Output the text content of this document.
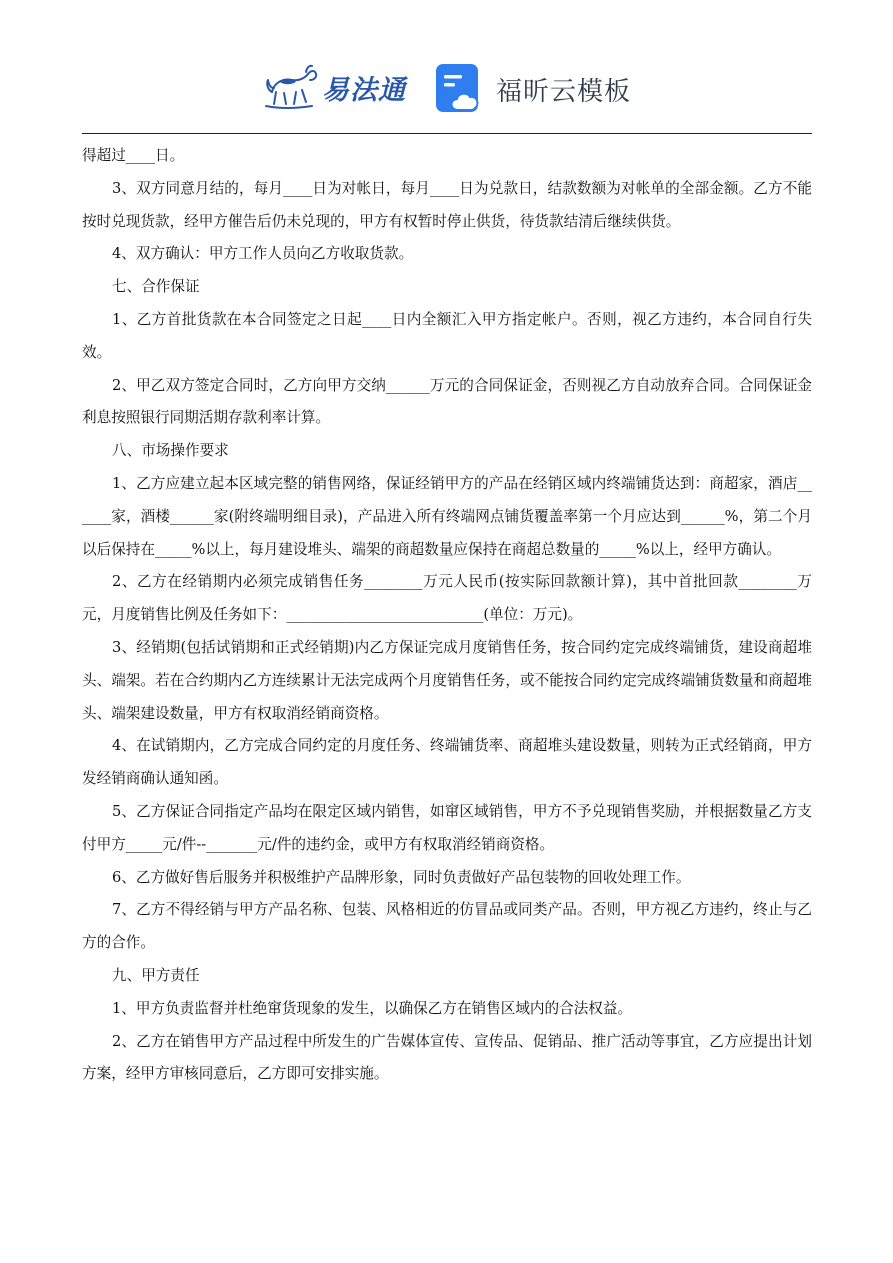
易法通	福昕云模板

得超过____日。

3、双方同意月结的，每月____日为对帐日，每月____日为兑款日，结款数额为对帐单的全部金额。乙方不能按时兑现货款，经甲方催告后仍未兑现的，甲方有权暂时停止供货，待货款结清后继续供货。

4、双方确认：甲方工作人员向乙方收取货款。

七、合作保证

1、乙方首批货款在本合同签定之日起____日内全额汇入甲方指定帐户。否则，视乙方违约，本合同自行失效。

2、甲乙双方签定合同时，乙方向甲方交纳______万元的合同保证金，否则视乙方自动放弃合同。合同保证金利息按照银行同期活期存款利率计算。

八、市场操作要求

1、乙方应建立起本区域完整的销售网络，保证经销甲方的产品在经销区域内终端铺货达到：商超家，酒店______家，酒楼______家(附终端明细目录)，产品进入所有终端网点铺货覆盖率第一个月应达到______%，第二个月以后保持在_____%以上，每月建设堆头、端架的商超数量应保持在商超总数量的_____%以上，经甲方确认。

2、乙方在经销期内必须完成销售任务________万元人民币(按实际回款额计算)，其中首批回款________万元，月度销售比例及任务如下：___________________________(单位：万元)。

3、经销期(包括试销期和正式经销期)内乙方保证完成月度销售任务，按合同约定完成终端铺货，建设商超堆头、端架。若在合约期内乙方连续累计无法完成两个月度销售任务，或不能按合同约定完成终端铺货数量和商超堆头、端架建设数量，甲方有权取消经销商资格。

4、在试销期内，乙方完成合同约定的月度任务、终端铺货率、商超堆头建设数量，则转为正式经销商，甲方发经销商确认通知函。

5、乙方保证合同指定产品均在限定区域内销售，如窜区域销售，甲方不予兑现销售奖励，并根据数量乙方支付甲方_____元/件--_______元/件的违约金，或甲方有权取消经销商资格。

6、乙方做好售后服务并积极维护产品牌形象，同时负责做好产品包装物的回收处理工作。

7、乙方不得经销与甲方产品名称、包装、风格相近的仿冒品或同类产品。否则，甲方视乙方违约，终止与乙方的合作。

九、甲方责任

1、甲方负责监督并杜绝窜货现象的发生，以确保乙方在销售区域内的合法权益。

2、乙方在销售甲方产品过程中所发生的广告媒体宣传、宣传品、促销品、推广活动等事宜，乙方应提出计划方案，经甲方审核同意后，乙方即可安排实施。
